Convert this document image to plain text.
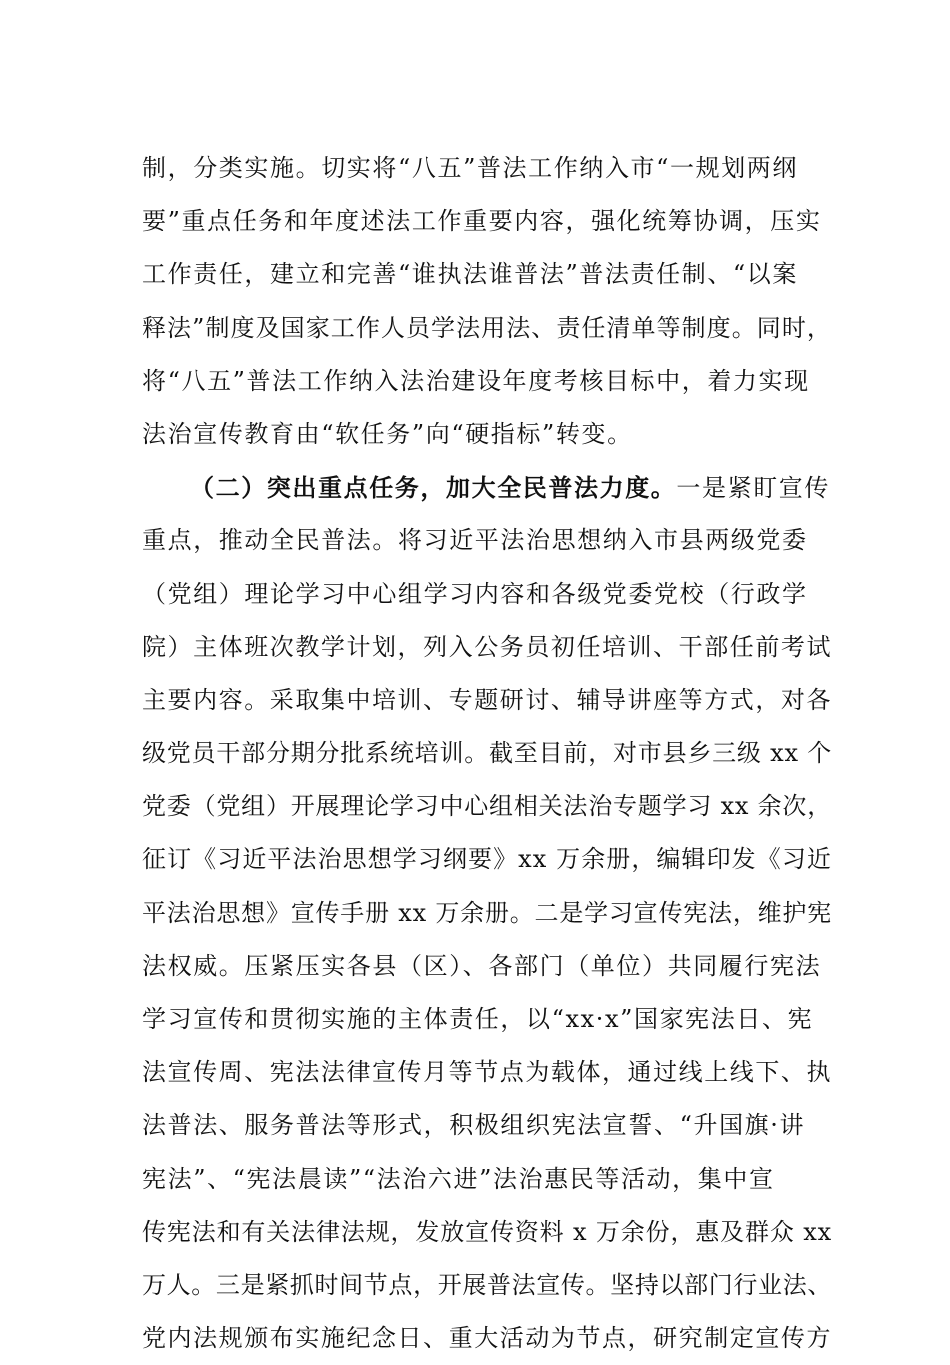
制，分类实施。切实将“八五”普法工作纳入市“一规划两纲
要”重点任务和年度述法工作重要内容，强化统筹协调，压实
工作责任，建立和完善“谁执法谁普法”普法责任制、“以案
释法”制度及国家工作人员学法用法、责任清单等制度。同时，
将“八五”普法工作纳入法治建设年度考核目标中，着力实现
法治宣传教育由“软任务”向“硬指标”转变。
（二）突出重点任务，加大全民普法力度。一是紧盯宣传
重点，推动全民普法。将习近平法治思想纳入市县两级党委
（党组）理论学习中心组学习内容和各级党委党校（行政学
院）主体班次教学计划，列入公务员初任培训、干部任前考试
主要内容。采取集中培训、专题研讨、辅导讲座等方式，对各
级党员干部分期分批系统培训。截至目前，对市县乡三级 xx 个
党委（党组）开展理论学习中心组相关法治专题学习 xx 余次，
征订《习近平法治思想学习纲要》xx 万余册，编辑印发《习近
平法治思想》宣传手册 xx 万余册。二是学习宣传宪法，维护宪
法权威。压紧压实各县（区）、各部门（单位）共同履行宪法
学习宣传和贯彻实施的主体责任，以“xx·x”国家宪法日、宪
法宣传周、宪法法律宣传月等节点为载体，通过线上线下、执
法普法、服务普法等形式，积极组织宪法宣誓、“升国旗·讲
宪法”、“宪法晨读”“法治六进”法治惠民等活动，集中宣
传宪法和有关法律法规，发放宣传资料 x 万余份，惠及群众 xx
万人。三是紧抓时间节点，开展普法宣传。坚持以部门行业法、
党内法规颁布实施纪念日、重大活动为节点，研究制定宣传方
